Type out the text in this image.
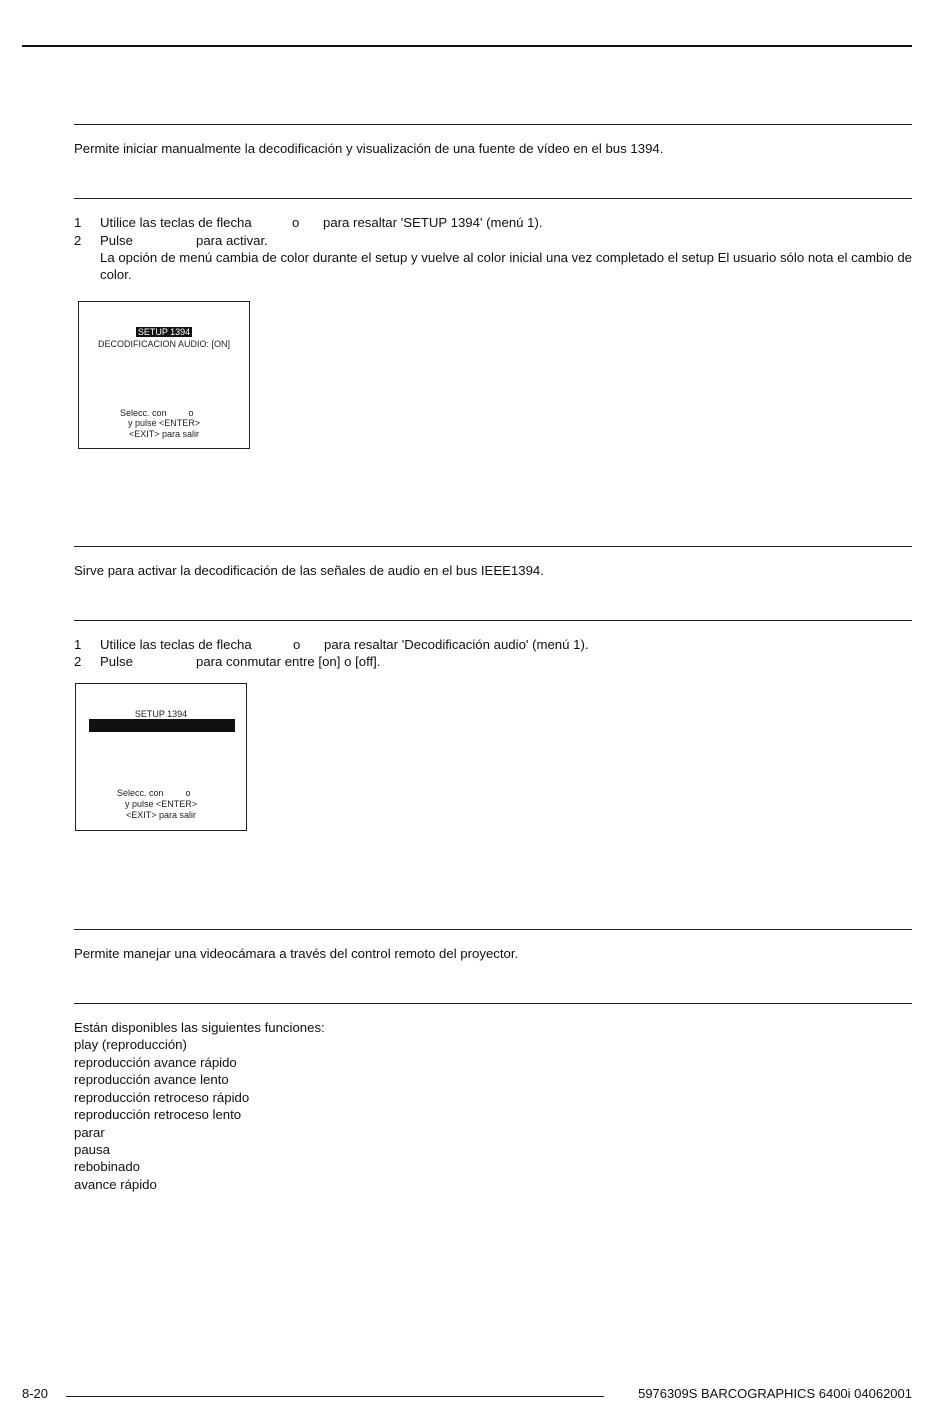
Permite iniciar manualmente la decodificación y visualización de una fuente de vídeo en el bus 1394.
1 Utilice las teclas de flecha	o para resaltar 'SETUP 1394' (menú 1).
2 Pulse	para activar.
La opción de menú cambia de color durante el setup y vuelve al color inicial una vez completado el setup El usuario sólo nota el cambio de color.
SETUP 1394
DECODIFICACION AUDIO: [ON]
Selecc. con o
y pulse <ENTER>
<EXIT> para salir
Sirve para activar la decodificación de las señales de audio en el bus IEEE1394.
1 Utilice las teclas de flecha	o para resaltar 'Decodificación audio' (menú 1).
2 Pulse	para conmutar entre [on] o [off].
SETUP 1394
Selecc. con o
y pulse <ENTER>
<EXIT> para salir
Permite manejar una videocámara a través del control remoto del proyector.
Están disponibles las siguientes funciones:
play (reproducción)
reproducción avance rápido
reproducción avance lento
reproducción retroceso rápido
reproducción retroceso lento
parar
pausa
rebobinado
avance rápido
8-20	5976309S BARCOGRAPHICS 6400i 04062001
